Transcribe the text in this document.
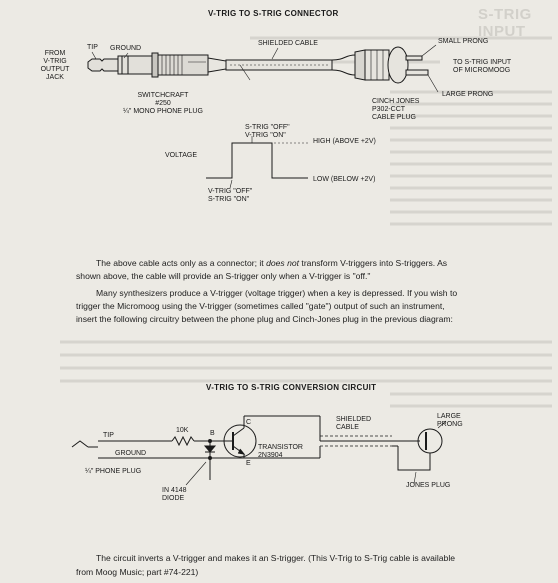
S-TRIG INPUT
V-TRIG TO S-TRIG CONNECTOR
FROM
V-TRIG
OUTPUT
JACK
TIP GROUND
SHIELDED CABLE	SMALL PRONG
TO S-TRIG INPUT
OF MICROMOOG
LARGE PRONG
SWITCHCRAFT
#250
¼" MONO PHONE PLUG
CINCH JONES
P302-CCT
CABLE PLUG
S-TRIG "OFF"
V-TRIG "ON"
VOLTAGE
HIGH (ABOVE +2V)
LOW (BELOW +2V)
V-TRIG "OFF"
S-TRIG "ON"
The above cable acts only as a connector; it does not transform V-triggers into S-triggers. As
shown above, the cable will provide an S-trigger only when a V-trigger is "off."
Many synthesizers produce a V-trigger (voltage trigger) when a key is depressed. If you wish to
trigger the Micromoog using the V-trigger (sometimes called "gate") output of such an instrument,
insert the following circuitry between the phone plug and Cinch-Jones plug in the previous diagram:
V-TRIG TO S-TRIG CONVERSION CIRCUIT
TIP
GROUND
¼" PHONE PLUG
10K	B
C
E
TRANSISTOR
2N3904
SHIELDED
CABLE
LARGE
PRONG
IN 4148
DIODE
JONES PLUG
The circuit inverts a V-trigger and makes it an S-trigger. (This V-Trig to S-Trig cable is available
from Moog Music; part #74-221)
